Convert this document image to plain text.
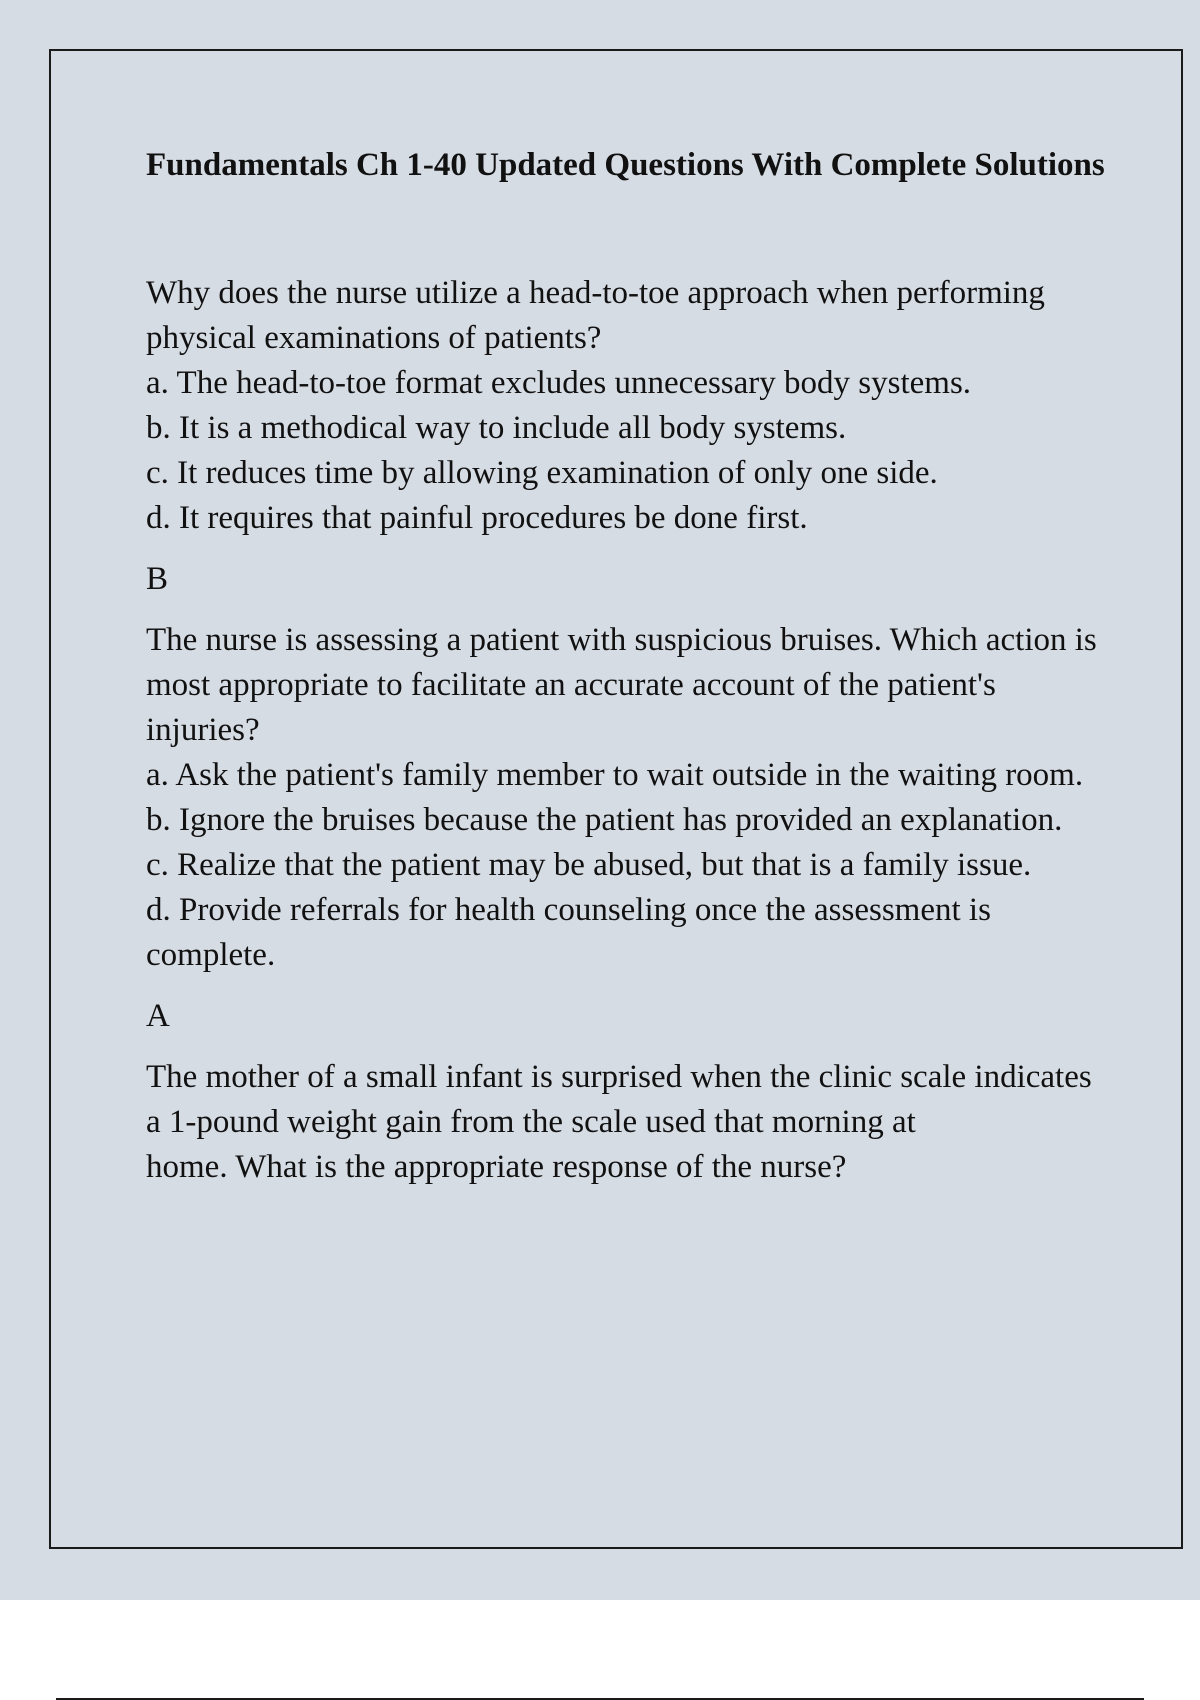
Fundamentals Ch 1-40 Updated Questions With Complete Solutions

Why does the nurse utilize a head-to-toe approach when performing physical examinations of patients?

a. The head-to-toe format excludes unnecessary body systems.
b. It is a methodical way to include all body systems.
c. It reduces time by allowing examination of only one side.
d. It requires that painful procedures be done first.
B

The nurse is assessing a patient with suspicious bruises. Which action is most appropriate to facilitate an accurate account of the patient's injuries?

a. Ask the patient's family member to wait outside in the waiting room.
b. Ignore the bruises because the patient has provided an explanation.
c. Realize that the patient may be abused, but that is a family issue.
d. Provide referrals for health counseling once the assessment is complete.
A

The mother of a small infant is surprised when the clinic scale indicates a 1-pound weight gain from the scale used that morning at

home. What is the appropriate response of the nurse?
